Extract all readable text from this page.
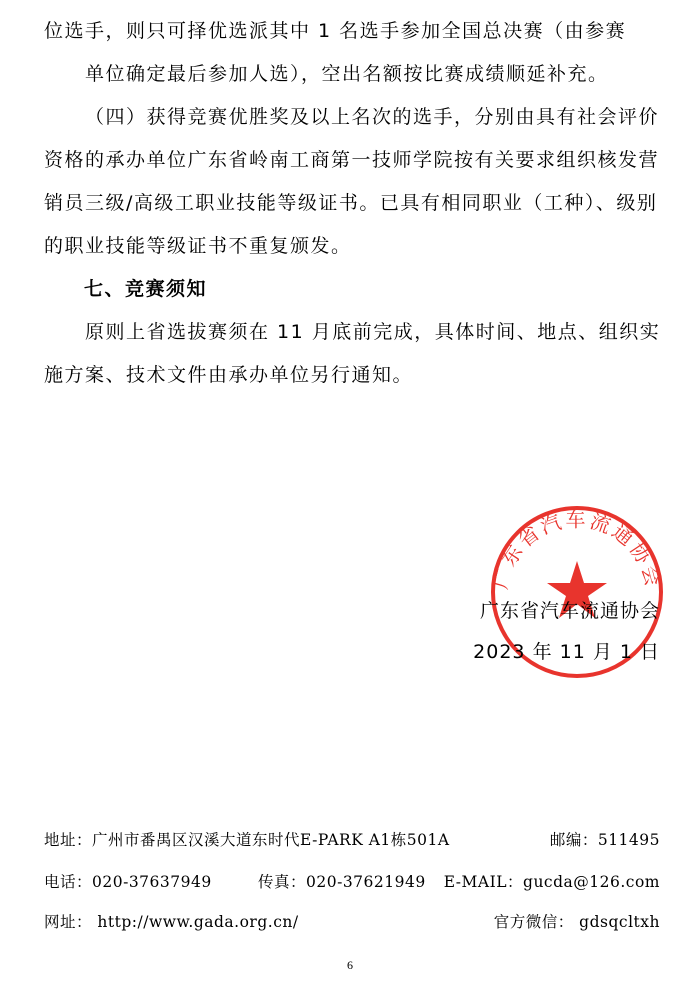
位选手，则只可择优选派其中 1 名选手参加全国总决赛（由参赛

单位确定最后参加人选），空出名额按比赛成绩顺延补充。

（四）获得竞赛优胜奖及以上名次的选手，分别由具有社会评价资格的承办单位广东省岭南工商第一技师学院按有关要求组织核发营销员三级/高级工职业技能等级证书。已具有相同职业（工种）、级别的职业技能等级证书不重复颁发。

七、竞赛须知

原则上省选拔赛须在 11 月底前完成，具体时间、地点、组织实施方案、技术文件由承办单位另行通知。

广东省汽车流通协会

广东省汽车流通协会

2023 年 11 月 1 日

地址：广州市番禺区汉溪大道东时代E-PARK A1栋501A	邮编：511495
电话：020-37637949	传真：020-37621949 E-MAIL：gucda@126.com
网址： http://www.gada.org.cn/	官方微信： gdsqcltxh
6
